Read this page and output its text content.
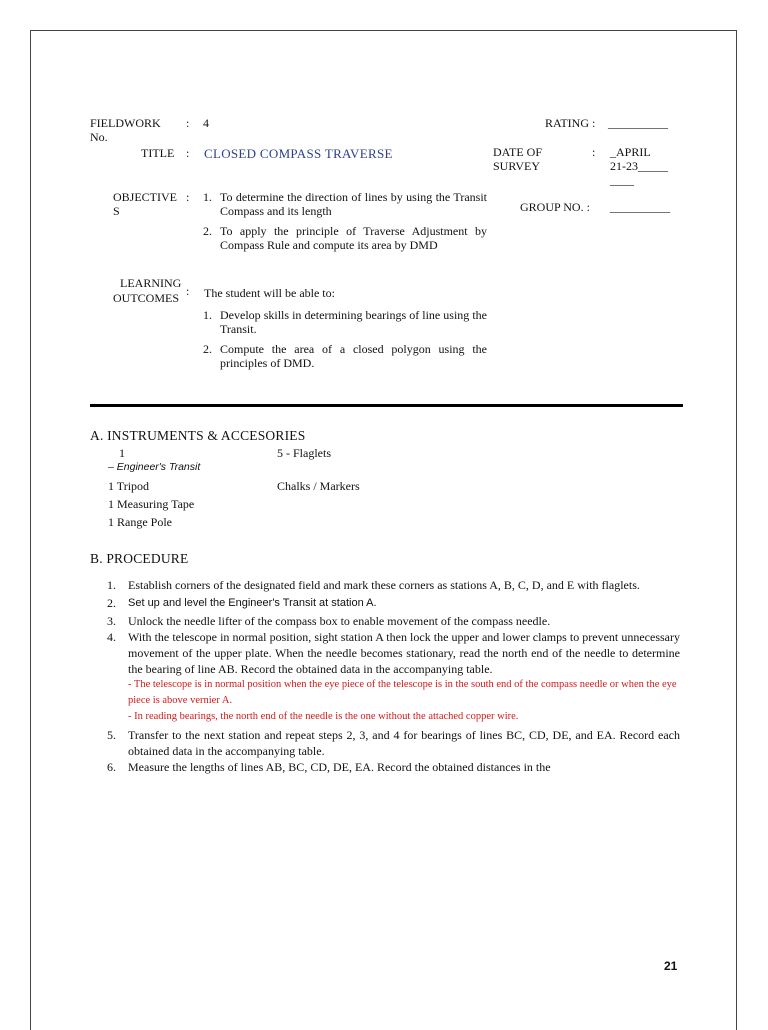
FIELDWORK
No.
: 4	RATING : __________
TITLE : CLOSED COMPASS TRAVERSE	DATE OF
SURVEY
: _APRIL
21-23_____
____
OBJECTIVE
S
: 1. To determine the direction of lines by using the Transit Compass and its length
2. To apply the principle of Traverse Adjustment by Compass Rule and compute its area by DMD
GROUP NO. : __________
LEARNING
OUTCOMES : The student will be able to:
1. Develop skills in determining bearings of line using the Transit.
2. Compute the area of a closed polygon using the principles of DMD.
A. INSTRUMENTS & ACCESORIES
1
– Engineer's Transit
1 Tripod
1 Measuring Tape
1 Range Pole
5 - Flaglets
Chalks / Markers
B. PROCEDURE
1. Establish corners of the designated field and mark these corners as stations A, B, C, D, and E with flaglets.
2. Set up and level the Engineer's Transit at station A.
3. Unlock the needle lifter of the compass box to enable movement of the compass needle.
4. With the telescope in normal position, sight station A then lock the upper and lower clamps to prevent unnecessary movement of the upper plate. When the needle becomes stationary, read the north end of the needle to determine the bearing of line AB. Record the obtained data in the accompanying table.
- The telescope is in normal position when the eye piece of the telescope is in the south end of the compass needle or when the eye piece is above vernier A.
- In reading bearings, the north end of the needle is the one without the attached copper wire.
5. Transfer to the next station and repeat steps 2, 3, and 4 for bearings of lines BC, CD, DE, and EA. Record each obtained data in the accompanying table.
6. Measure the lengths of lines AB, BC, CD, DE, EA. Record the obtained distances in the
21
